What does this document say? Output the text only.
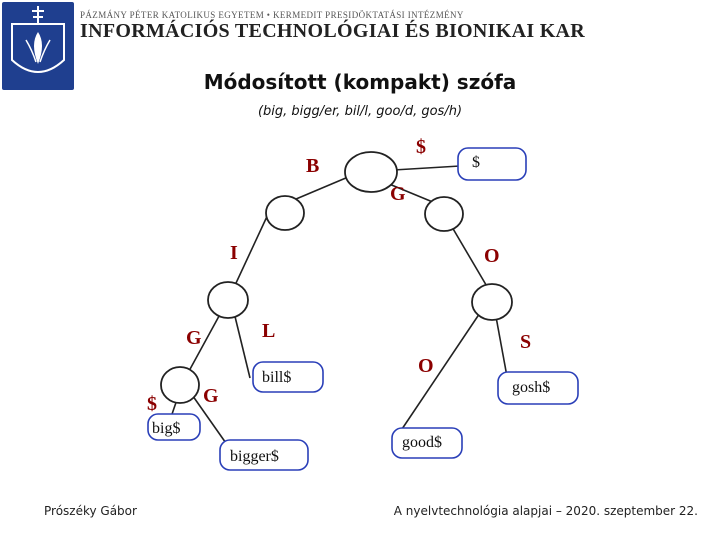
PÁZMÁNY PÉTER KATOLIKUS EGYETEM • KERMEDIT PRESIDÖKTATÁSI INTÉZMÉNY
INFORMÁCIÓS TECHNOLÓGIAI ÉS BIONIKAI KAR
Módosított (kompakt) szófa
(big, bigg/er, bil/l, goo/d, gos/h)
$
big$
bigger$
bill$
good$
gosh$
B
$
G
I	O
G	L	S
O
$ G
Prószéky Gábor	A nyelvtechnológia alapjai – 2020. szeptember 22.
